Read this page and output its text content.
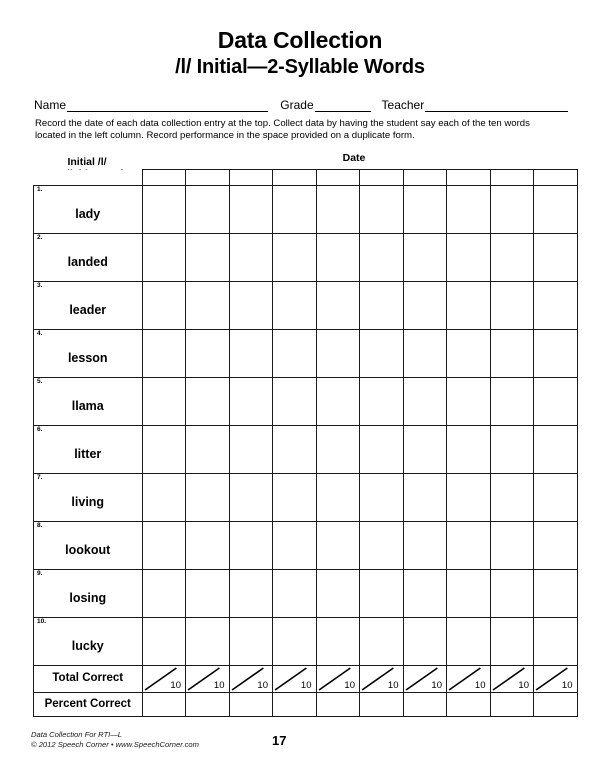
Data Collection
/l/ Initial—2-Syllable Words
Name	Grade	Teacher
Record the date of each data collection entry at the top. Collect data by having the student say each of the ten words located in the left column. Record performance in the space provided on a duplicate form.
Date
Initial /l/

1.
lady										

2.
landed										

3.
leader										

4.
lesson										

5.
llama										

6.
litter										

7.
living										

8.
lookout										

9.
losing										

10.
lucky										

Total Correct	10	10	10	10	10	10	10	10	10	10

Percent Correct										
Data Collection For RTI—L
© 2012 Speech Corner • www.SpeechCorner.com	17
